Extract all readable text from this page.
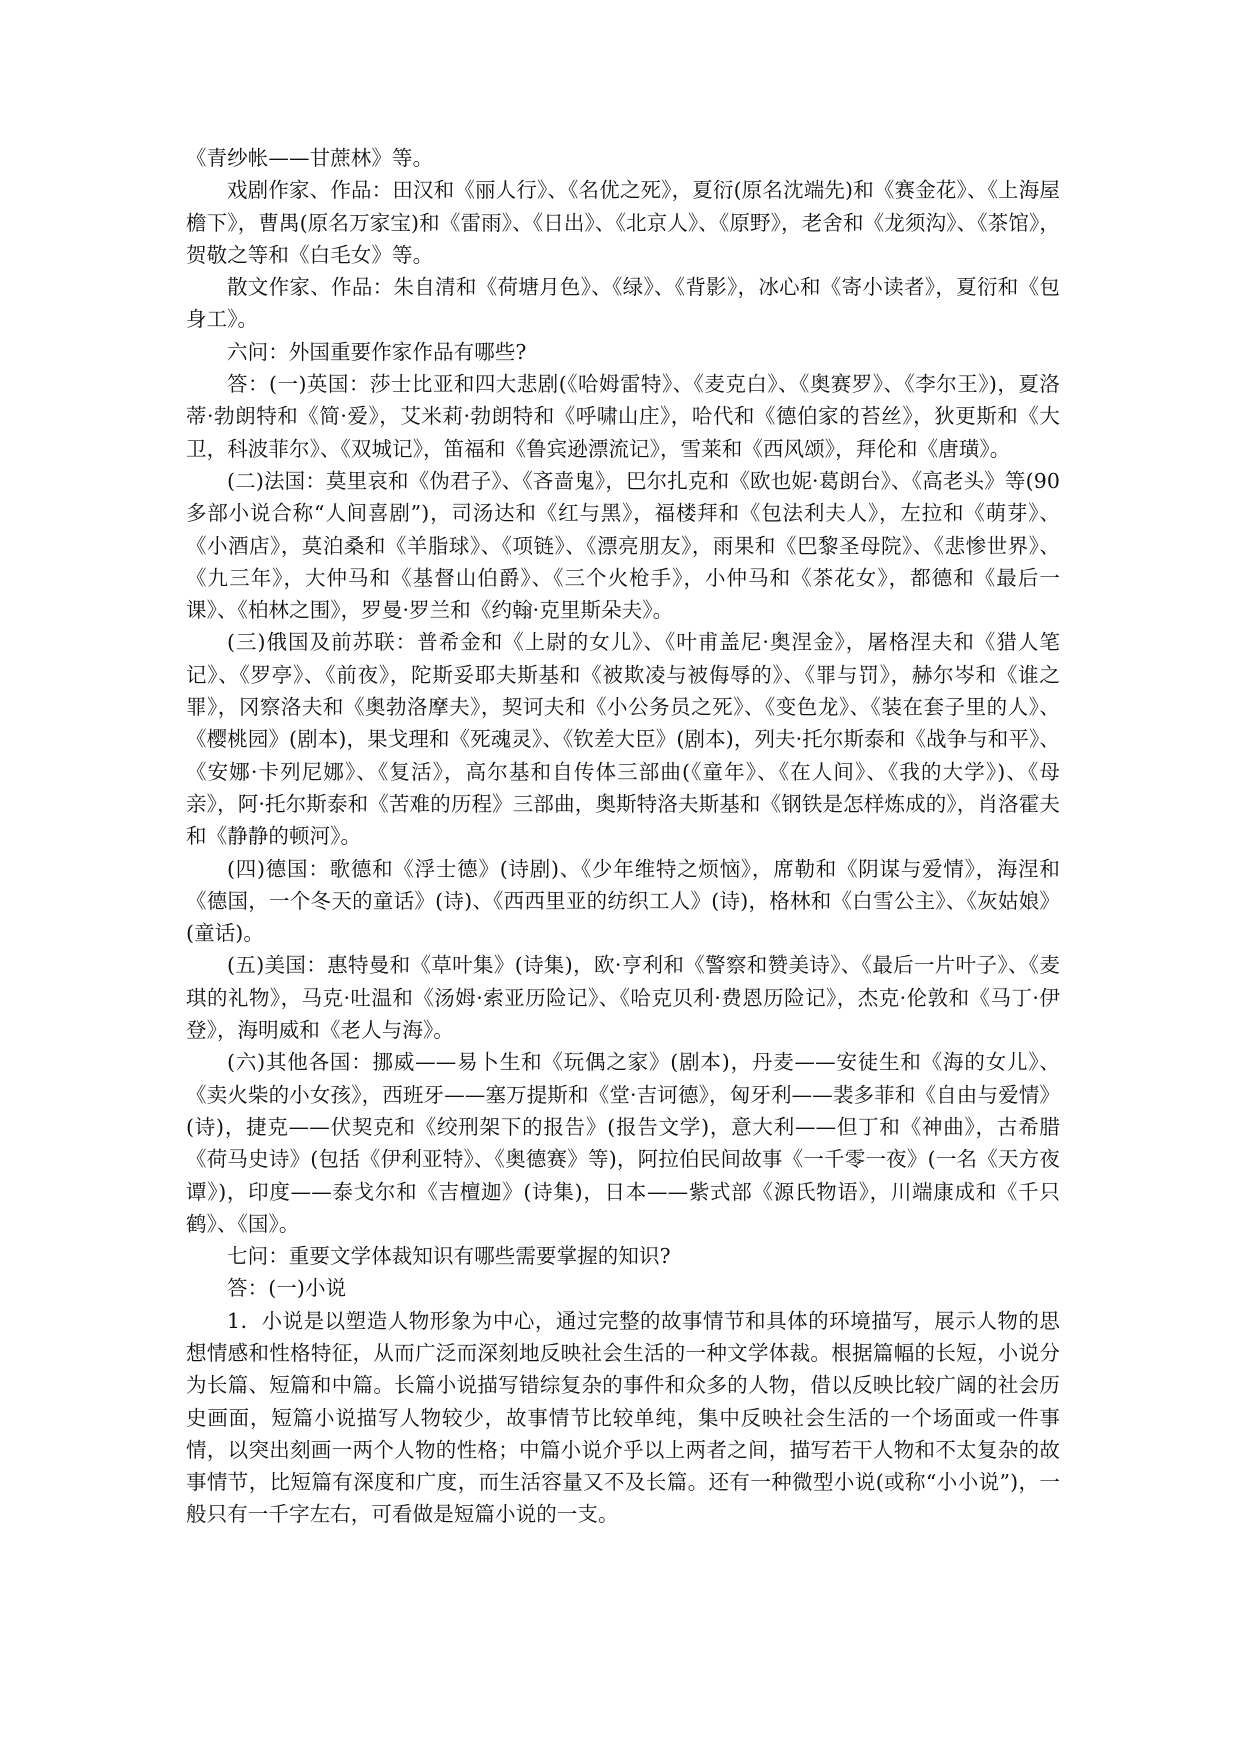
《青纱帐——甘蔗林》等。

戏剧作家、作品：田汉和《丽人行》、《名优之死》，夏衍(原名沈端先)和《赛金花》、《上海屋檐下》，曹禺(原名万家宝)和《雷雨》、《日出》、《北京人》、《原野》，老舍和《龙须沟》、《茶馆》，贺敬之等和《白毛女》等。

散文作家、作品：朱自清和《荷塘月色》、《绿》、《背影》，冰心和《寄小读者》，夏衍和《包身工》。

六问：外国重要作家作品有哪些?

答：(一)英国：莎士比亚和四大悲剧(《哈姆雷特》、《麦克白》、《奥赛罗》、《李尔王》)，夏洛蒂·勃朗特和《简·爱》，艾米莉·勃朗特和《呼啸山庄》，哈代和《德伯家的苔丝》，狄更斯和《大卫，科波菲尔》、《双城记》，笛福和《鲁宾逊漂流记》，雪莱和《西风颂》，拜伦和《唐璜》。

(二)法国：莫里哀和《伪君子》、《吝啬鬼》，巴尔扎克和《欧也妮·葛朗台》、《高老头》等(90多部小说合称“人间喜剧”)，司汤达和《红与黑》，福楼拜和《包法利夫人》，左拉和《萌芽》、《小酒店》，莫泊桑和《羊脂球》、《项链》、《漂亮朋友》，雨果和《巴黎圣母院》、《悲惨世界》、《九三年》，大仲马和《基督山伯爵》、《三个火枪手》，小仲马和《茶花女》，都德和《最后一课》、《柏林之围》，罗曼·罗兰和《约翰·克里斯朵夫》。

(三)俄国及前苏联：普希金和《上尉的女儿》、《叶甫盖尼·奥涅金》，屠格涅夫和《猎人笔记》、《罗亭》、《前夜》，陀斯妥耶夫斯基和《被欺凌与被侮辱的》、《罪与罚》，赫尔岑和《谁之罪》，冈察洛夫和《奥勃洛摩夫》，契诃夫和《小公务员之死》、《变色龙》、《装在套子里的人》、《樱桃园》(剧本)，果戈理和《死魂灵》、《钦差大臣》(剧本)，列夫·托尔斯泰和《战争与和平》、《安娜·卡列尼娜》、《复活》，高尔基和自传体三部曲(《童年》、《在人间》、《我的大学》)、《母亲》，阿·托尔斯泰和《苦难的历程》三部曲，奥斯特洛夫斯基和《钢铁是怎样炼成的》，肖洛霍夫和《静静的顿河》。

(四)德国：歌德和《浮士德》(诗剧)、《少年维特之烦恼》，席勒和《阴谋与爱情》，海涅和《德国，一个冬天的童话》(诗)、《西西里亚的纺织工人》(诗)，格林和《白雪公主》、《灰姑娘》(童话)。

(五)美国：惠特曼和《草叶集》(诗集)，欧·亨利和《警察和赞美诗》、《最后一片叶子》、《麦琪的礼物》，马克·吐温和《汤姆·索亚历险记》、《哈克贝利·费恩历险记》，杰克·伦敦和《马丁·伊登》，海明威和《老人与海》。

(六)其他各国：挪威——易卜生和《玩偶之家》(剧本)，丹麦——安徒生和《海的女儿》、《卖火柴的小女孩》，西班牙——塞万提斯和《堂·吉诃德》，匈牙利——裴多菲和《自由与爱情》(诗)，捷克——伏契克和《绞刑架下的报告》(报告文学)，意大利——但丁和《神曲》，古希腊《荷马史诗》(包括《伊利亚特》、《奥德赛》等)，阿拉伯民间故事《一千零一夜》(一名《天方夜谭》)，印度——泰戈尔和《吉檀迦》(诗集)，日本——紫式部《源氏物语》，川端康成和《千只鹤》、《国》。

七问：重要文学体裁知识有哪些需要掌握的知识?

答：(一)小说

1．小说是以塑造人物形象为中心，通过完整的故事情节和具体的环境描写，展示人物的思想情感和性格特征，从而广泛而深刻地反映社会生活的一种文学体裁。根据篇幅的长短，小说分为长篇、短篇和中篇。长篇小说描写错综复杂的事件和众多的人物，借以反映比较广阔的社会历史画面，短篇小说描写人物较少，故事情节比较单纯，集中反映社会生活的一个场面或一件事情，以突出刻画一两个人物的性格；中篇小说介乎以上两者之间，描写若干人物和不太复杂的故事情节，比短篇有深度和广度，而生活容量又不及长篇。还有一种微型小说(或称“小小说”)，一般只有一千字左右，可看做是短篇小说的一支。
